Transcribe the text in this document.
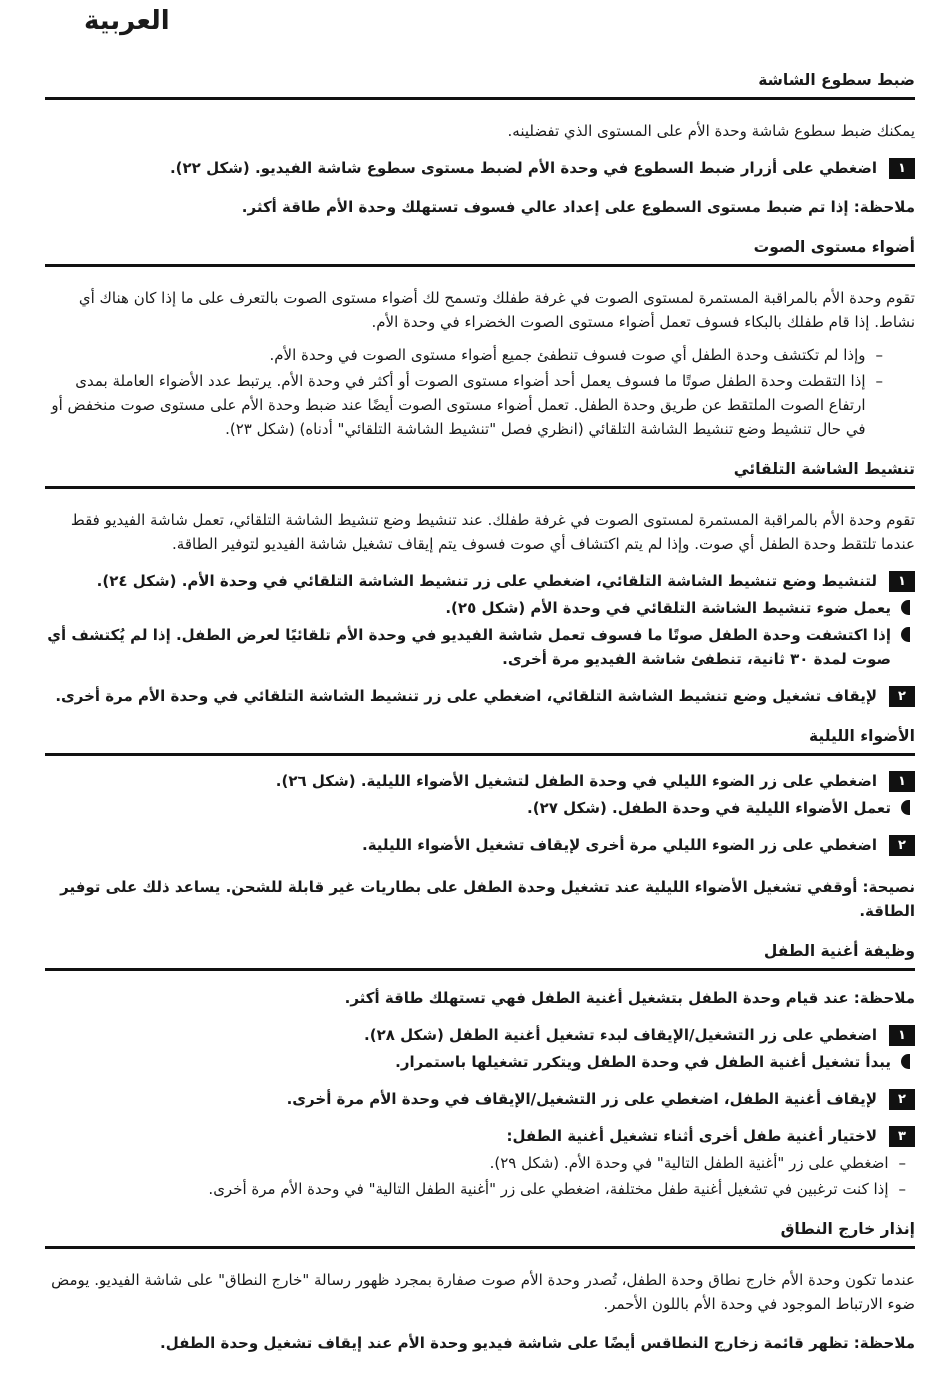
العربية
ضبط سطوع الشاشة

يمكنك ضبط سطوع شاشة وحدة الأم على المستوى الذي تفضلينه.

١
اضغطي على أزرار ضبط السطوع في وحدة الأم لضبط مستوى سطوع شاشة الفيديو. (شكل ٢٢).

ملاحظة: إذا تم ضبط مستوى السطوع على إعداد عالي فسوف تستهلك وحدة الأم طاقة أكثر.

أضواء مستوى الصوت

تقوم وحدة الأم بالمراقبة المستمرة لمستوى الصوت في غرفة طفلك وتسمح لك أضواء مستوى الصوت بالتعرف على ما إذا كان هناك أي نشاط. إذا قام طفلك بالبكاء فسوف تعمل أضواء مستوى الصوت الخضراء في وحدة الأم.

–
وإذا لم تكتشف وحدة الطفل أي صوت فسوف تنطفئ جميع أضواء مستوى الصوت في وحدة الأم.
–
إذا التقطت وحدة الطفل صوتًا ما فسوف يعمل أحد أضواء مستوى الصوت أو أكثر في وحدة الأم. يرتبط عدد الأضواء العاملة بمدى ارتفاع الصوت الملتقط عن طريق وحدة الطفل. تعمل أضواء مستوى الصوت أيضًا عند ضبط وحدة الأم على مستوى صوت منخفض أو في حال تنشيط وضع تنشيط الشاشة التلقائي (انظري فصل "تنشيط الشاشة التلقائي" أدناه) (شكل ٢٣).
تنشيط الشاشة التلقائي

تقوم وحدة الأم بالمراقبة المستمرة لمستوى الصوت في غرفة طفلك. عند تنشيط وضع تنشيط الشاشة التلقائي، تعمل شاشة الفيديو فقط عندما تلتقط وحدة الطفل أي صوت. وإذا لم يتم اكتشاف أي صوت فسوف يتم إيقاف تشغيل شاشة الفيديو لتوفير الطاقة.

١
لتنشيط وضع تنشيط الشاشة التلقائي، اضغطي على زر تنشيط الشاشة التلقائي في وحدة الأم. (شكل ٢٤).
يعمل ضوء تنشيط الشاشة التلقائي في وحدة الأم (شكل ٢٥).
إذا اكتشفت وحدة الطفل صوتًا ما فسوف تعمل شاشة الفيديو في وحدة الأم تلقائيًا لعرض الطفل. إذا لم يُكتشف أي صوت لمدة ٣٠ ثانية، تنطفئ شاشة الفيديو مرة أخرى.
٢
لإيقاف تشغيل وضع تنشيط الشاشة التلقائي، اضغطي على زر تنشيط الشاشة التلقائي في وحدة الأم مرة أخرى.
الأضواء الليلية
١
اضغطي على زر الضوء الليلي في وحدة الطفل لتشغيل الأضواء الليلية. (شكل ٢٦).
تعمل الأضواء الليلية في وحدة الطفل. (شكل ٢٧).
٢
اضغطي على زر الضوء الليلي مرة أخرى لإيقاف تشغيل الأضواء الليلية.

نصيحة: أوقفي تشغيل الأضواء الليلية عند تشغيل وحدة الطفل على بطاريات غير قابلة للشحن. يساعد ذلك على توفير الطاقة.

وظيفة أغنية الطفل

ملاحظة: عند قيام وحدة الطفل بتشغيل أغنية الطفل فهي تستهلك طاقة أكثر.

١
اضغطي على زر التشغيل/الإيقاف لبدء تشغيل أغنية الطفل (شكل ٢٨).
يبدأ تشغيل أغنية الطفل في وحدة الطفل ويتكرر تشغيلها باستمرار.
٢
لإيقاف أغنية الطفل، اضغطي على زر التشغيل/الإيقاف في وحدة الأم مرة أخرى.
٣
لاختيار أغنية طفل أخرى أثناء تشغيل أغنية الطفل:
–
اضغطي على زر "أغنية الطفل التالية" في وحدة الأم. (شكل ٢٩).
–
إذا كنت ترغبين في تشغيل أغنية طفل مختلفة، اضغطي على زر "أغنية الطفل التالية" في وحدة الأم مرة أخرى.
إنذار خارج النطاق

عندما تكون وحدة الأم خارج نطاق وحدة الطفل، تُصدر وحدة الأم صوت صفارة بمجرد ظهور رسالة "خارج النطاق" على شاشة الفيديو. يومض ضوء الارتباط الموجود في وحدة الأم باللون الأحمر.

ملاحظة: تظهر قائمة زخارج النطاقس أيضًا على شاشة فيديو وحدة الأم عند إيقاف تشغيل وحدة الطفل.
